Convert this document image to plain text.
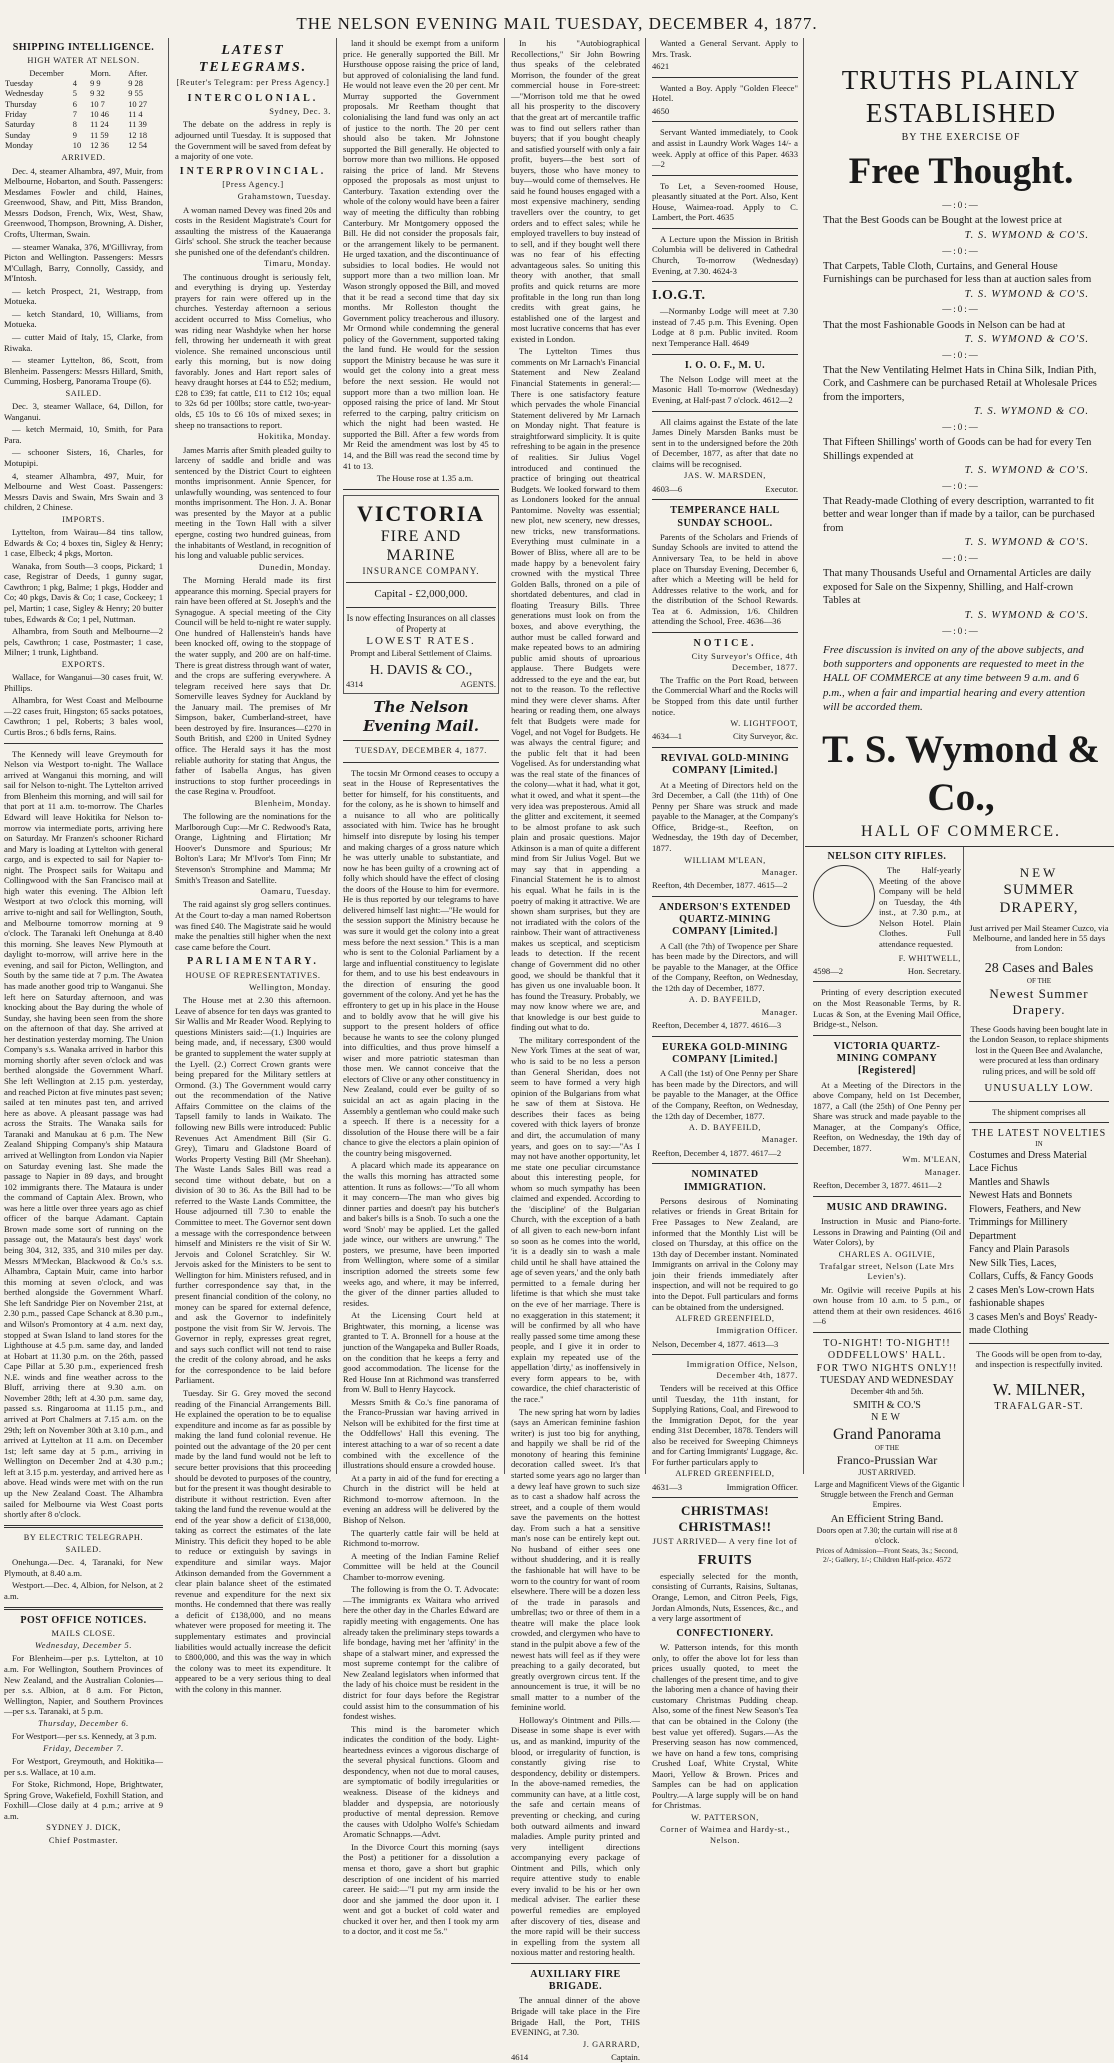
THE NELSON EVENING MAIL TUESDAY, DECEMBER 4, 1877.
SHIPPING INTELLIGENCE.
HIGH WATER AT NELSON.
December		Morn.	After.
Tuesday	4	9 9	9 28
Wednesday	5	9 32	9 55
Thursday	6	10 7	10 27
Friday	7	10 46	11 4
Saturday	8	11 24	11 39
Sunday	9	11 59	12 18
Monday	10	12 36	12 54
ARRIVED.

Dec. 4, steamer Alhambra, 497, Muir, from Melbourne, Hobarton, and South. Passengers: Mesdames Fowler and child, Haines, Greenwood, Shaw, and Pitt, Miss Brandon, Messrs Dodson, French, Wix, West, Shaw, Greenwood, Thompson, Browning, A. Disher, Crofts, Ulterman, Swain.

— steamer Wanaka, 376, M'Gillivray, from Picton and Wellington. Passengers: Messrs M'Cullagh, Barry, Connolly, Cassidy, and M'Intosh.

— ketch Prospect, 21, Westrapp, from Motueka.

— ketch Standard, 10, Williams, from Motueka.

— cutter Maid of Italy, 15, Clarke, from Riwaka.

— steamer Lyttelton, 86, Scott, from Blenheim. Passengers: Messrs Hillard, Smith, Cumming, Hosberg, Panorama Troupe (6).

SAILED.

Dec. 3, steamer Wallace, 64, Dillon, for Wanganui.

— ketch Mermaid, 10, Smith, for Para Para.

— schooner Sisters, 16, Charles, for Motupipi.

4, steamer Alhambra, 497, Muir, for Melbourne and West Coast. Passengers: Messrs Davis and Swain, Mrs Swain and 3 children, 2 Chinese.

IMPORTS.

Lyttelton, from Wairau—84 tins tallow, Edwards & Co; 4 boxes tin, Sigley & Henry; 1 case, Elbeck; 4 pkgs, Morton.

Wanaka, from South—3 coops, Pickard; 1 case, Registrar of Deeds, 1 gunny sugar, Cawthron; 1 pkg, Balme; 1 pkgs, Hodder and Co; 40 pkgs, Davis & Co; 1 case, Cockeey; 1 pel, Martin; 1 case, Sigley & Henry; 20 butter tubes, Edwards & Co; 1 pel, Nuttman.

Alhambra, from South and Melbourne—2 pels, Cawthron; 1 case, Postmaster; 1 case, Milner; 1 trunk, Lightband.

EXPORTS.

Wallace, for Wanganui—30 cases fruit, W. Phillips.

Alhambra, for West Coast and Melbourne—22 cases fruit, Hingston; 65 sacks potatoes, Cawthron; 1 pel, Roberts; 3 bales wool, Curtis Bros.; 6 bdls ferns, Rains.

The Kennedy will leave Greymouth for Nelson via Westport to-night. The Wallace arrived at Wanganui this morning, and will sail for Nelson to-night. The Lyttelton arrived from Blenheim this morning, and will sail for that port at 11 a.m. to-morrow. The Charles Edward will leave Hokitika for Nelson to-morrow via intermediate ports, arriving here on Saturday. Mr Franzen's schooner Richard and Mary is loading at Lyttelton with general cargo, and is expected to sail for Napier to-night. The Prospect sails for Waitapu and Collingwood with the San Francisco mail at high water this evening. The Albion left Westport at two o'clock this morning, will arrive to-night and sail for Wellington, South, and Melbourne tomorrow morning at 9 o'clock. The Taranaki left Onehunga at 8.40 this morning. She leaves New Plymouth at daylight to-morrow, will arrive here in the evening, and sail for Picton, Wellington, and South by the same tide at 7 p.m. The Awatea has made another good trip to Wanganui. She left here on Saturday afternoon, and was knocking about the Bay during the whole of Sunday, she having been seen from the shore on the afternoon of that day. She arrived at her destination yesterday morning. The Union Company's s.s. Wanaka arrived in harbor this morning shortly after seven o'clock and was berthed alongside the Government Wharf. She left Wellington at 2.15 p.m. yesterday, and reached Picton at five minutes past seven; sailed at ten minutes past ten, and arrived here as above. A pleasant passage was had across the Straits. The Wanaka sails for Taranaki and Manukau at 6 p.m. The New Zealand Shipping Company's ship Mataura arrived at Wellington from London via Napier on Saturday evening last. She made the passage to Napier in 89 days, and brought 102 immigrants there. The Mataura is under the command of Captain Alex. Brown, who was here a little over three years ago as chief officer of the barque Adamant. Captain Brown made some sort of running on the passage out, the Mataura's best days' work being 304, 312, 335, and 310 miles per day. Messrs M'Meckan, Blackwood & Co.'s s.s. Alhambra, Captain Muir, came into harbor this morning at seven o'clock, and was berthed alongside the Government Wharf. She left Sandridge Pier on November 21st, at 2.30 p.m., passed Cape Schanck at 8.30 p.m., and Wilson's Promontory at 4 a.m. next day, stopped at Swan Island to land stores for the Lighthouse at 4.5 p.m. same day, and landed at Hobart at 11.30 p.m. on the 26th, passed Cape Pillar at 5.30 p.m., experienced fresh N.E. winds and fine weather across to the Bluff, arriving there at 9.30 a.m. on November 28th; left at 4.30 p.m. same day, passed s.s. Ringarooma at 11.15 p.m., and arrived at Port Chalmers at 7.15 a.m. on the 29th; left on November 30th at 3.10 p.m., and arrived at Lyttelton at 11 a.m. on December 1st; left same day at 5 p.m., arriving in Wellington on December 2nd at 4.30 p.m.; left at 3.15 p.m. yesterday, and arrived here as above. Head winds were met with on the run up the New Zealand Coast. The Alhambra sailed for Melbourne via West Coast ports shortly after 8 o'clock.

BY ELECTRIC TELEGRAPH.
SAILED.

Onehunga.—Dec. 4, Taranaki, for New Plymouth, at 8.40 a.m.

Westport.—Dec. 4, Albion, for Nelson, at 2 a.m.

POST OFFICE NOTICES.
MAILS CLOSE.
Wednesday, December 5.

For Blenheim—per p.s. Lyttelton, at 10 a.m. For Wellington, Southern Provinces of New Zealand, and the Australian Colonies—per s.s. Albion, at 8 a.m. For Picton, Wellington, Napier, and Southern Provinces—per s.s. Taranaki, at 5 p.m.

Thursday, December 6.

For Westport—per s.s. Kennedy, at 3 p.m.

Friday, December 7.

For Westport, Greymouth, and Hokitika—per s.s. Wallace, at 10 a.m.

For Stoke, Richmond, Hope, Brightwater, Spring Grove, Wakefield, Foxhill Station, and Foxhill—Close daily at 4 p.m.; arrive at 9 a.m.

SYDNEY J. DICK,
Chief Postmaster.
LATEST TELEGRAMS.
[Reuter's Telegram: per Press Agency.]
INTERCOLONIAL.
Sydney, Dec. 3.

The debate on the address in reply is adjourned until Tuesday. It is supposed that the Government will be saved from defeat by a majority of one vote.

INTERPROVINCIAL.
[Press Agency.]
Grahamstown, Tuesday.

A woman named Devey was fined 20s and costs in the Resident Magistrate's Court for assaulting the mistress of the Kauaeranga Girls' school. She struck the teacher because she punished one of the defendant's children.

Timaru, Monday.

The continuous drought is seriously felt, and everything is drying up. Yesterday prayers for rain were offered up in the churches. Yesterday afternoon a serious accident occurred to Miss Cornelius, who was riding near Washdyke when her horse fell, throwing her underneath it with great violence. She remained unconscious until early this morning, but is now doing favorably. Jones and Hart report sales of heavy draught horses at £44 to £52; medium, £28 to £39; fat cattle, £11 to £12 10s; equal to 32s 6d per 100lbs; store cattle, two-year-olds, £5 10s to £6 10s of mixed sexes; in sheep no transactions to report.

Hokitika, Monday.

James Marris after Smith pleaded guilty to larceny of saddle and bridle and was sentenced by the District Court to eighteen months imprisonment. Annie Spencer, for unlawfully wounding, was sentenced to four months imprisonment. The Hon. J. A. Bonar was presented by the Mayor at a public meeting in the Town Hall with a silver epergne, costing two hundred guineas, from the inhabitants of Westland, in recognition of his long and valuable public services.

Dunedin, Monday.

The Morning Herald made its first appearance this morning. Special prayers for rain have been offered at St. Joseph's and the Synagogue. A special meeting of the City Council will be held to-night re water supply. One hundred of Hallenstein's hands have been knocked off, owing to the stoppage of the water supply, and 200 are on half-time. There is great distress through want of water, and the crops are suffering everywhere. A telegram received here says that Dr. Somerville leaves Sydney for Auckland by the January mail. The premises of Mr Simpson, baker, Cumberland-street, have been destroyed by fire. Insurances—£270 in South British, and £200 in United Sydney office. The Herald says it has the most reliable authority for stating that Angus, the father of Isabella Angus, has given instructions to stop further proceedings in the case Regina v. Proudfoot.

Blenheim, Monday.

The following are the nominations for the Marlborough Cup:—Mr C. Redwood's Rata, Orange, Lightning and Flirtation; Mr Hoover's Dunsmore and Spurious; Mr Bolton's Lara; Mr M'Ivor's Tom Finn; Mr Stevenson's Stromphine and Mamma; Mr Smith's Treason and Satellite.

Oamaru, Tuesday.

The raid against sly grog sellers continues. At the Court to-day a man named Robertson was fined £40. The Magistrate said he would make the penalties still higher when the next case came before the Court.

PARLIAMENTARY.
HOUSE OF REPRESENTATIVES.
Wellington, Monday.

The House met at 2.30 this afternoon. Leave of absence for ten days was granted to Sir Wallis and Mr Reader Wood. Replying to questions Ministers said:—(1.) Inquiries are being made, and, if necessary, £300 would be granted to supplement the water supply at the Lyell. (2.) Correct Crown grants were being prepared for the Military settlers at Ormond. (3.) The Government would carry out the recommendation of the Native Affairs Committee on the claims of the Tapsell family to lands in Waikato. The following new Bills were introduced: Public Revenues Act Amendment Bill (Sir G. Grey), Timaru and Gladstone Board of Works Property Vesting Bill (Mr Sheehan). The Waste Lands Sales Bill was read a second time without debate, but on a division of 30 to 36. As the Bill had to be referred to the Waste Lands Committee, the House adjourned till 7.30 to enable the Committee to meet. The Governor sent down a message with the correspondence between himself and Ministers re the visit of Sir W. Jervois and Colonel Scratchley. Sir W. Jervois asked for the Ministers to be sent to Wellington for him. Ministers refused, and in further correspondence say that, in the present financial condition of the colony, no money can be spared for external defence, and ask the Governor to indefinitely postpone the visit from Sir W. Jervois. The Governor in reply, expresses great regret, and says such conflict will not tend to raise the credit of the colony abroad, and he asks for the correspondence to be laid before Parliament.

Tuesday. Sir G. Grey moved the second reading of the Financial Arrangements Bill. He explained the operation to be to equalise expenditure and income as far as possible by making the land fund colonial revenue. He pointed out the advantage of the 20 per cent made by the land fund would not be left to secure better provisions that this proceeding should be devoted to purposes of the country, but for the present it was thought desirable to distribute it without restriction. Even after taking the land fund the revenue would at the end of the year show a deficit of £138,000, taking as correct the estimates of the late Ministry. This deficit they hoped to be able to reduce or extinguish by savings in expenditure and similar ways. Major Atkinson demanded from the Government a clear plain balance sheet of the estimated revenue and expenditure for the next six months. He condemned that there was really a deficit of £138,000, and no means whatever were proposed for meeting it. The supplementary estimates and provincial liabilities would actually increase the deficit to £800,000, and this was the way in which the colony was to meet its expenditure. It appeared to be a very serious thing to deal with the colony in this manner.

land it should be exempt from a uniform price. He generally supported the Bill. Mr Hursthouse oppose raising the price of land, but approved of colonialising the land fund. He would not leave even the 20 per cent. Mr Murray supported the Government proposals. Mr Reetham thought that colonialising the land fund was only an act of justice to the north. The 20 per cent should also be taken. Mr Johnstone supported the Bill generally. He objected to borrow more than two millions. He opposed raising the price of land. Mr Stevens opposed the proposals as most unjust to Canterbury. Taxation extending over the whole of the colony would have been a fairer way of meeting the difficulty than robbing Canterbury. Mr Montgomery opposed the Bill. He did not consider the proposals fair, or the arrangement likely to be permanent. He urged taxation, and the discontinuance of subsidies to local bodies. He would not support more than a two million loan. Mr Wason strongly opposed the Bill, and moved that it be read a second time that day six months. Mr Rolleston thought the Government policy treacherous and illusory. Mr Ormond while condemning the general policy of the Government, supported taking the land fund. He would for the session support the Ministry because he was sure it would get the colony into a great mess before the next session. He would not support more than a two million loan. He opposed raising the price of land. Mr Stout referred to the carping, paltry criticism on which the night had been wasted. He supported the Bill. After a few words from Mr Reid the amendment was lost by 45 to 14, and the Bill was read the second time by 41 to 13.

The House rose at 1.35 a.m.

VICTORIA
FIRE AND MARINE
INSURANCE COMPANY.
Capital - £2,000,000.
Is now effecting Insurances on all classes of Property at
LOWEST RATES.
Prompt and Liberal Settlement of Claims.
H. DAVIS & CO.,
4314	AGENTS.
The Nelson Evening Mail.
TUESDAY, DECEMBER 4, 1877.

The tocsin Mr Ormond ceases to occupy a seat in the House of Representatives the better for himself, for his constituents, and for the colony, as he is shown to himself and a nuisance to all who are politically associated with him. Twice has he brought himself into disrepute by losing his temper and making charges of a gross nature which he was utterly unable to substantiate, and now he has been guilty of a crowning act of folly which should have the effect of closing the doors of the House to him for evermore. He is thus reported by our telegrams to have delivered himself last night:—"He would for the session support the Ministry because he was sure it would get the colony into a great mess before the next session." This is a man who is sent to the Colonial Parliament by a large and influential constituency to legislate for them, and to use his best endeavours in the direction of ensuring the good government of the colony. And yet he has the effrontery to get up in his place in the House and to boldly avow that he will give his support to the present holders of office because he wants to see the colony plunged into difficulties, and thus prove himself a wiser and more patriotic statesman than those men. We cannot conceive that the electors of Clive or any other constituency in New Zealand, could ever be guilty of so suicidal an act as again placing in the Assembly a gentleman who could make such a speech. If there is a necessity for a dissolution of the House there will be a fair chance to give the electors a plain opinion of the country being misgoverned.

A placard which made its appearance on the walls this morning has attracted some attention. It runs as follows:—"To all whom it may concern—The man who gives big dinner parties and doesn't pay his butcher's and baker's bills is a Snob. To such a one the word 'Snob' may be applied. Let the galled jade wince, our withers are unwrung." The posters, we presume, have been imported from Wellington, where some of a similar inscription adorned the streets some few weeks ago, and where, it may be inferred, the giver of the dinner parties alluded to resides.

At the Licensing Court held at Brightwater, this morning, a license was granted to T. A. Bronnell for a house at the junction of the Wangapeka and Buller Roads, on the condition that he keeps a ferry and good accommodation. The license for the Red House Inn at Richmond was transferred from W. Bull to Henry Haycock.

Messrs Smith & Co.'s fine panorama of the Franco-Prussian war having arrived in Nelson will be exhibited for the first time at the Oddfellows' Hall this evening. The interest attaching to a war of so recent a date combined with the excellence of the illustrations should ensure a crowded house.

At a party in aid of the fund for erecting a Church in the district will be held at Richmond to-morrow afternoon. In the evening an address will be delivered by the Bishop of Nelson.

The quarterly cattle fair will be held at Richmond to-morrow.

A meeting of the Indian Famine Relief Committee will be held at the Council Chamber to-morrow evening.

The following is from the O. T. Advocate:—The immigrants ex Waitara who arrived here the other day in the Charles Edward are rapidly meeting with engagements. One has already taken the preliminary steps towards a life bondage, having met her 'affinity' in the shape of a stalwart miner, and expressed the most supreme contempt for the calibre of New Zealand legislators when informed that the lady of his choice must be resident in the district for four days before the Registrar could assist him to the consummation of his fondest wishes.

This mind is the barometer which indicates the condition of the body. Light-heartedness evinces a vigorous discharge of the several physical functions. Gloom and despondency, when not due to moral causes, are symptomatic of bodily irregularities or weakness. Disease of the kidneys and bladder and dyspepsia, are notoriously productive of mental depression. Remove the causes with Udolpho Wolfe's Schiedam Aromatic Schnapps.—Advt.

In the Divorce Court this morning (says the Post) a petitioner for a dissolution a mensa et thoro, gave a short but graphic description of one incident of his married career. He said:—"I put my arm inside the door and she jammed the door upon it. I went and got a bucket of cold water and chucked it over her, and then I took my arm to a doctor, and it cost me 5s."

In his "Autobiographical Recollections," Sir John Bowring thus speaks of the celebrated Morrison, the founder of the great commercial house in Fore-street:—"Morrison told me that he owed all his prosperity to the discovery that the great art of mercantile traffic was to find out sellers rather than buyers; that if you bought cheaply and satisfied yourself with only a fair profit, buyers—the best sort of buyers, those who have money to buy—would come of themselves. He said he found houses engaged with a most expensive machinery, sending travellers over the country, to get orders and to effect sales; while he employed travellers to buy instead of to sell, and if they bought well there was no fear of his effecting advantageous sales. So uniting this theory with another, that small profits and quick returns are more profitable in the long run than long credits with great gains, he established one of the largest and most lucrative concerns that has ever existed in London.

The Lyttelton Times thus comments on Mr Larnach's Financial Statement and New Zealand Financial Statements in general:—There is one satisfactory feature which pervades the whole Financial Statement delivered by Mr Larnach on Monday night. That feature is straightforward simplicity. It is quite refreshing to be again in the presence of realities. Sir Julius Vogel introduced and continued the practice of bringing out theatrical Budgets. We looked forward to them as Londoners looked for the annual Pantomime. Novelty was essential; new plot, new scenery, new dresses, new tricks, new transformations. Everything must culminate in a Bower of Bliss, where all are to be made happy by a benevolent fairy crowned with the mystical Three Golden Balls, throned on a pile of shortdated debentures, and clad in floating Treasury Bills. Three generations must look on from the boxes, and above everything, the author must be called forward and make repeated bows to an admiring public amid shouts of uproarious applause. There Budgets were addressed to the eye and the ear, but not to the reason. To the reflective mind they were clever shams. After hearing or reading them, one always felt that Budgets were made for Vogel, and not Vogel for Budgets. He was always the central figure; and the public felt that it had been Vogelised. As for understanding what was the real state of the finances of the colony—what it had, what it got, what it owed, and what it spent—the very idea was preposterous. Amid all the glitter and excitement, it seemed to be almost profane to ask such plain and prosaic questions. Major Atkinson is a man of quite a different mind from Sir Julius Vogel. But we may say that in appending a Financial Statement he is to almost his equal. What he fails in is the poetry of making it attractive. We are shown sham surprises, but they are not irradiated with the colors of the rainbow. Their want of attractiveness makes us sceptical, and scepticism leads to detection. If the recent change of Government did no other good, we should be thankful that it has given us one invaluable boon. It has found the Treasury. Probably, we may now know where we are, and that knowledge is our best guide to finding out what to do.

The military correspondent of the New York Times at the seat of war, who is said to be no less a person than General Sheridan, does not seem to have formed a very high opinion of the Bulgarians from what he saw of them at Sistova. He describes their faces as being covered with thick layers of bronze and dirt, the accumulation of many years, and goes on to say:—"As I may not have another opportunity, let me state one peculiar circumstance about this interesting people, for whom so much sympathy has been claimed and expended. According to the 'discipline' of the Bulgarian Church, with the exception of a bath of all given to each new-born infant so soon as he comes into the world, 'it is a deadly sin to wash a male child until he shall have attained the age of seven years,' and the only bath permitted to a female during her lifetime is that which she must take on the eve of her marriage. There is no exaggeration in this statement; it will be confirmed by all who have really passed some time among these people, and I give it in order to explain my repeated use of the appellation 'dirty,' as inoffensively in every form appears to be, with cowardice, the chief characteristic of the race."

The new spring hat worn by ladies (says an American feminine fashion writer) is just too big for anything, and happily we shall be rid of the monotony of hearing this feminine decoration called sweet. It's that started some years ago no larger than a dewy leaf have grown to such size as to cast a shadow half across the street, and a couple of them would save the pavements on the hottest day. From such a hat a sensitive man's nose can be entirely kept out. No husband of either sees one without shuddering, and it is really the fashionable hat will have to be worn to the country for want of room elsewhere. There will be a dozen less of the trade in parasols and umbrellas; two or three of them in a theatre will make the place look crowded, and clergymen who have to stand in the pulpit above a few of the newest hats will feel as if they were preaching to a gaily decorated, but greatly overgrown circus tent. If the announcement is true, it will be no small matter to a number of the feminine world.

Holloway's Ointment and Pills.—Disease in some shape is ever with us, and as mankind, impurity of the blood, or irregularity of function, is constantly giving rise to despondency, debility or distempers. In the above-named remedies, the community can have, at a little cost, the safe and certain means of preventing or checking, and curing both outward ailments and inward maladies. Ample purity printed and very intelligent directions accompanying every package of Ointment and Pills, which only require attentive study to enable every invalid to be his or her own medical adviser. The earlier these powerful remedies are employed after discovery of ties, disease and the more rapid will be their success in expelling from the system all noxious matter and restoring health.

AUXILIARY FIRE BRIGADE.

The annual dinner of the above Brigade will take place in the Fire Brigade Hall, the Port, THIS EVENING, at 7.30.

J. GARRARD,
4614	Captain.

Wanted a General Servant. Apply to Mrs. Trask.

4621

Wanted a Boy. Apply "Golden Fleece" Hotel.

4650

Servant Wanted immediately, to Cook and assist in Laundry Work Wages 14/- a week. Apply at office of this Paper. 4633—2

To Let, a Seven-roomed House, pleasantly situated at the Port. Also, Kent House, Waimea-road. Apply to C. Lambert, the Port. 4635

A Lecture upon the Mission in British Columbia will be delivered in Cathedral Church, To-morrow (Wednesday) Evening, at 7.30. 4624-3

I.O.G.T.

—Normanby Lodge will meet at 7.30 instead of 7.45 p.m. This Evening. Open Lodge at 8 p.m. Public invited. Room next Temperance Hall. 4649

I. O. O. F., M. U.

The Nelson Lodge will meet at the Masonic Hall To-morrow (Wednesday) Evening, at Half-past 7 o'clock. 4612—2

All claims against the Estate of the late James Dinely Marsden Banks must be sent in to the undersigned before the 20th of December, 1877, as after that date no claims will be recognised.

JAS. W. MARSDEN,
4603—6	Executor.
TEMPERANCE HALL SUNDAY SCHOOL.

Parents of the Scholars and Friends of Sunday Schools are invited to attend the Anniversary Tea, to be held in above place on Thursday Evening, December 6, after which a Meeting will be held for Addresses relative to the work, and for the distribution of the School Rewards. Tea at 6. Admission, 1/6. Children attending the School, Free. 4636—36

NOTICE.
City Surveyor's Office, 4th December, 1877.

The Traffic on the Port Road, between the Commercial Wharf and the Rocks will be Stopped from this date until further notice.

W. LIGHTFOOT,
4634—1	City Surveyor, &c.
REVIVAL GOLD-MINING COMPANY [Limited.]

At a Meeting of Directors held on the 3rd December, a Call (the 11th) of One Penny per Share was struck and made payable to the Manager, at the Company's Office, Bridge-st., Reefton, on Wednesday, the 19th day of December, 1877.

WILLIAM M'LEAN,
Manager.
Reefton, 4th December, 1877. 4615—2
ANDERSON'S EXTENDED QUARTZ-MINING COMPANY [Limited.]

A Call (the 7th) of Twopence per Share has been made by the Directors, and will be payable to the Manager, at the Office of the Company, Reefton, on Wednesday, the 12th day of December, 1877.

A. D. BAYFEILD,
Manager.
Reefton, December 4, 1877. 4616—3
EUREKA GOLD-MINING COMPANY [Limited.]

A Call (the 1st) of One Penny per Share has been made by the Directors, and will be payable to the Manager, at the Office of the Company, Reefton, on Wednesday, the 12th day of December, 1877.

A. D. BAYFEILD,
Manager.
Reefton, December 4, 1877. 4617—2
NOMINATED IMMIGRATION.

Persons desirous of Nominating relatives or friends in Great Britain for Free Passages to New Zealand, are informed that the Monthly List will be closed on Thursday, at this office on the 13th day of December instant. Nominated Immigrants on arrival in the Colony may join their friends immediately after inspection, and will not be required to go into the Depot. Full particulars and forms can be obtained from the undersigned.

ALFRED GREENFIELD,
Immigration Officer.
Nelson, December 4, 1877. 4613—3
Immigration Office, Nelson, December 4th, 1877.

Tenders will be received at this Office until Tuesday, the 11th instant, for Supplying Rations, Coal, and Firewood to the Immigration Depot, for the year ending 31st December, 1878. Tenders will also be received for Sweeping Chimneys and for Carting Immigrants' Luggage, &c. For further particulars apply to

ALFRED GREENFIELD,
4631—3	Immigration Officer.
CHRISTMAS! CHRISTMAS!!
JUST ARRIVED— A very fine lot of
FRUITS

especially selected for the month, consisting of Currants, Raisins, Sultanas, Orange, Lemon, and Citron Peels, Figs, Jordan Almonds, Nuts, Essences, &c., and a very large assortment of

CONFECTIONERY.

W. Patterson intends, for this month only, to offer the above lot for less than prices usually quoted, to meet the challenges of the present time, and to give the laboring men a chance of having their customary Christmas Pudding cheap. Also, some of the finest New Season's Tea that can be obtained in the Colony (the best value yet offered). Sugars.—As the Preserving season has now commenced, we have on hand a few tons, comprising Crushed Loaf, White Crystal, White Maori, Yellow & Brown. Prices and Samples can be had on application Poultry.—A large supply will be on hand for Christmas.

W. PATTERSON,
Corner of Waimea and Hardy-st., Nelson.
TRUTHS PLAINLY ESTABLISHED
BY THE EXERCISE OF
Free Thought.
—:0:—

That the Best Goods can be Bought at the lowest price at

T. S. WYMOND & CO'S.
—:0:—

That Carpets, Table Cloth, Curtains, and General House Furnishings can be purchased for less than at auction sales from

T. S. WYMOND & CO'S.
—:0:—

That the most Fashionable Goods in Nelson can be had at

T. S. WYMOND & CO'S.
—:0:—

That the New Ventilating Helmet Hats in China Silk, Indian Pith, Cork, and Cashmere can be purchased Retail at Wholesale Prices from the importers,

T. S. WYMOND & CO.
—:0:—

That Fifteen Shillings' worth of Goods can be had for every Ten Shillings expended at

T. S. WYMOND & CO'S.
—:0:—

That Ready-made Clothing of every description, warranted to fit better and wear longer than if made by a tailor, can be purchased from

T. S. WYMOND & CO'S.
—:0:—

That many Thousands Useful and Ornamental Articles are daily exposed for Sale on the Sixpenny, Shilling, and Half-crown Tables at

T. S. WYMOND & CO'S.
—:0:—
Free discussion is invited on any of the above subjects, and both supporters and opponents are requested to meet in the HALL OF COMMERCE at any time between 9 a.m. and 6 p.m., when a fair and impartial hearing and every attention will be accorded them.
T. S. Wymond & Co.,
HALL OF COMMERCE.
NELSON CITY RIFLES.

The Half-yearly Meeting of the above Company will be held on Tuesday, the 4th inst., at 7.30 p.m., at Nelson Hotel. Plain Clothes. Full attendance requested.

F. WHITWELL,
4598—2	Hon. Secretary.

Printing of every description executed on the Most Reasonable Terms, by R. Lucas & Son, at the Evening Mail Office, Bridge-st., Nelson.

VICTORIA QUARTZ-MINING COMPANY [Registered]

At a Meeting of the Directors in the above Company, held on 1st December, 1877, a Call (the 25th) of One Penny per Share was struck and made payable to the Manager, at the Company's Office, Reefton, on Wednesday, the 19th day of December, 1877.

Wm. M'LEAN,
Manager.
Reefton, December 3, 1877. 4611—2
MUSIC AND DRAWING.

Instruction in Music and Piano-forte. Lessons in Drawing and Painting (Oil and Water Colors), by

CHARLES A. OGILVIE,
Trafalgar street, Nelson (Late Mrs Levien's).

Mr. Ogilvie will receive Pupils at his own house from 10 a.m. to 5 p.m., or attend them at their own residences. 4616—6

TO-NIGHT! TO-NIGHT!!
ODDFELLOWS' HALL.
FOR TWO NIGHTS ONLY!!
TUESDAY AND WEDNESDAY
December 4th and 5th.
SMITH & CO.'S
NEW
Grand Panorama
OF THE
Franco-Prussian War
JUST ARRIVED.
Large and Magnificent Views of the Gigantic Struggle between the French and German Empires.
An Efficient String Band.
Doors open at 7.30; the curtain will rise at 8 o'clock.
Prices of Admission—Front Seats, 3s.; Second, 2/-; Gallery, 1/-; Children Half-price. 4572
NEW
SUMMER DRAPERY,
Just arrived per Mail Steamer Cuzco, via Melbourne, and landed here in 55 days from London:
28 Cases and Bales
OF THE
Newest Summer Drapery.
These Goods having been bought late in the London Season, to replace shipments lost in the Queen Bee and Avalanche, were procured at less than ordinary ruling prices, and will be sold off
UNUSUALLY LOW.
The shipment comprises all
THE LATEST NOVELTIES
IN
Costumes and Dress Material
Lace Fichus
Mantles and Shawls
Newest Hats and Bonnets
Flowers, Feathers, and New Trimmings for Millinery Department
Fancy and Plain Parasols
New Silk Ties, Laces,
Collars, Cuffs, & Fancy Goods
2 cases Men's Low-crown Hats fashionable shapes
3 cases Men's and Boys' Ready-made Clothing
The Goods will be open from to-day, and inspection is respectfully invited.
W. MILNER,
TRAFALGAR-ST.
